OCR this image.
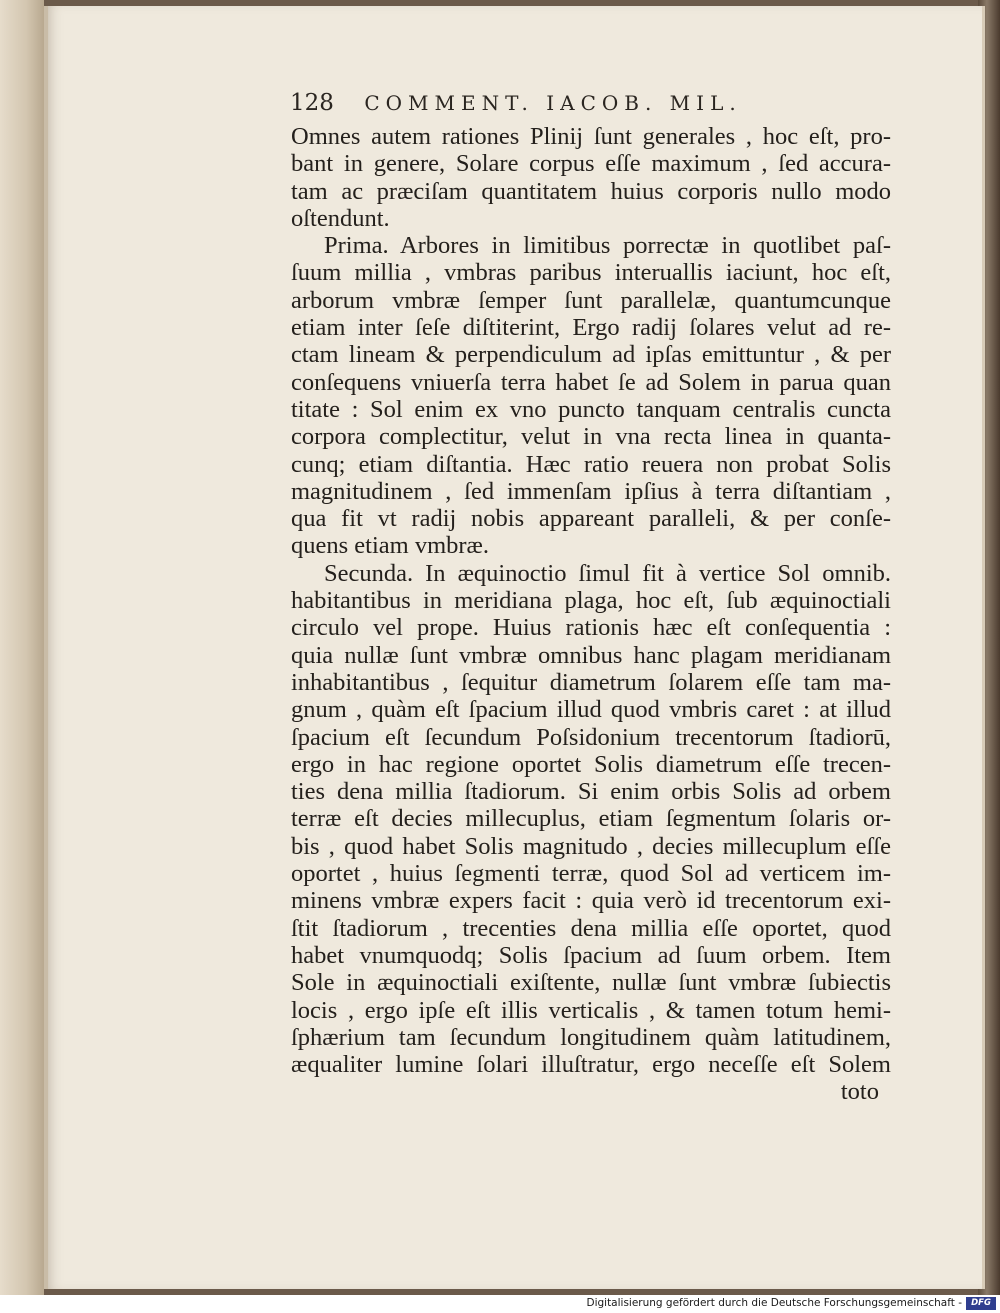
128 COMMENT. IACOB. MIL.
Omnes autem rationes Plinij ſunt generales , hoc eſt, pro-
bant in genere, Solare corpus eſſe maximum , ſed accura-
tam ac præciſam quantitatem huius corporis nullo modo
oſtendunt.
Prima. Arbores in limitibus porrectæ in quotlibet paſ-
ſuum millia , vmbras paribus interuallis iaciunt, hoc eſt,
arborum vmbræ ſemper ſunt parallelæ, quantumcunque
etiam inter ſeſe diſtiterint, Ergo radij ſolares velut ad re-
ctam lineam & perpendiculum ad ipſas emittuntur , & per
conſequens vniuerſa terra habet ſe ad Solem in parua quan
titate : Sol enim ex vno puncto tanquam centralis cuncta
corpora complectitur, velut in vna recta linea in quanta-
cunq; etiam diſtantia. Hæc ratio reuera non probat Solis
magnitudinem , ſed immenſam ipſius à terra diſtantiam ,
qua fit vt radij nobis appareant paralleli, & per conſe-
quens etiam vmbræ.
Secunda. In æquinoctio ſimul fit à vertice Sol omnib.
habitantibus in meridiana plaga, hoc eſt, ſub æquinoctiali
circulo vel prope. Huius rationis hæc eſt conſequentia :
quia nullæ ſunt vmbræ omnibus hanc plagam meridianam
inhabitantibus , ſequitur diametrum ſolarem eſſe tam ma-
gnum , quàm eſt ſpacium illud quod vmbris caret : at illud
ſpacium eſt ſecundum Poſsidonium trecentorum ſtadiorū,
ergo in hac regione oportet Solis diametrum eſſe trecen-
ties dena millia ſtadiorum. Si enim orbis Solis ad orbem
terræ eſt decies millecuplus, etiam ſegmentum ſolaris or-
bis , quod habet Solis magnitudo , decies millecuplum eſſe
oportet , huius ſegmenti terræ, quod Sol ad verticem im-
minens vmbræ expers facit : quia verò id trecentorum exi-
ſtit ſtadiorum , trecenties dena millia eſſe oportet, quod
habet vnumquodq; Solis ſpacium ad ſuum orbem. Item
Sole in æquinoctiali exiſtente, nullæ ſunt vmbræ ſubiectis
locis , ergo ipſe eſt illis verticalis , & tamen totum hemi-
ſphærium tam ſecundum longitudinem quàm latitudinem,
æqualiter lumine ſolari illuſtratur, ergo neceſſe eſt Solem
toto
Digitalisierung gefördert durch die Deutsche Forschungsgemeinschaft -	DFG
